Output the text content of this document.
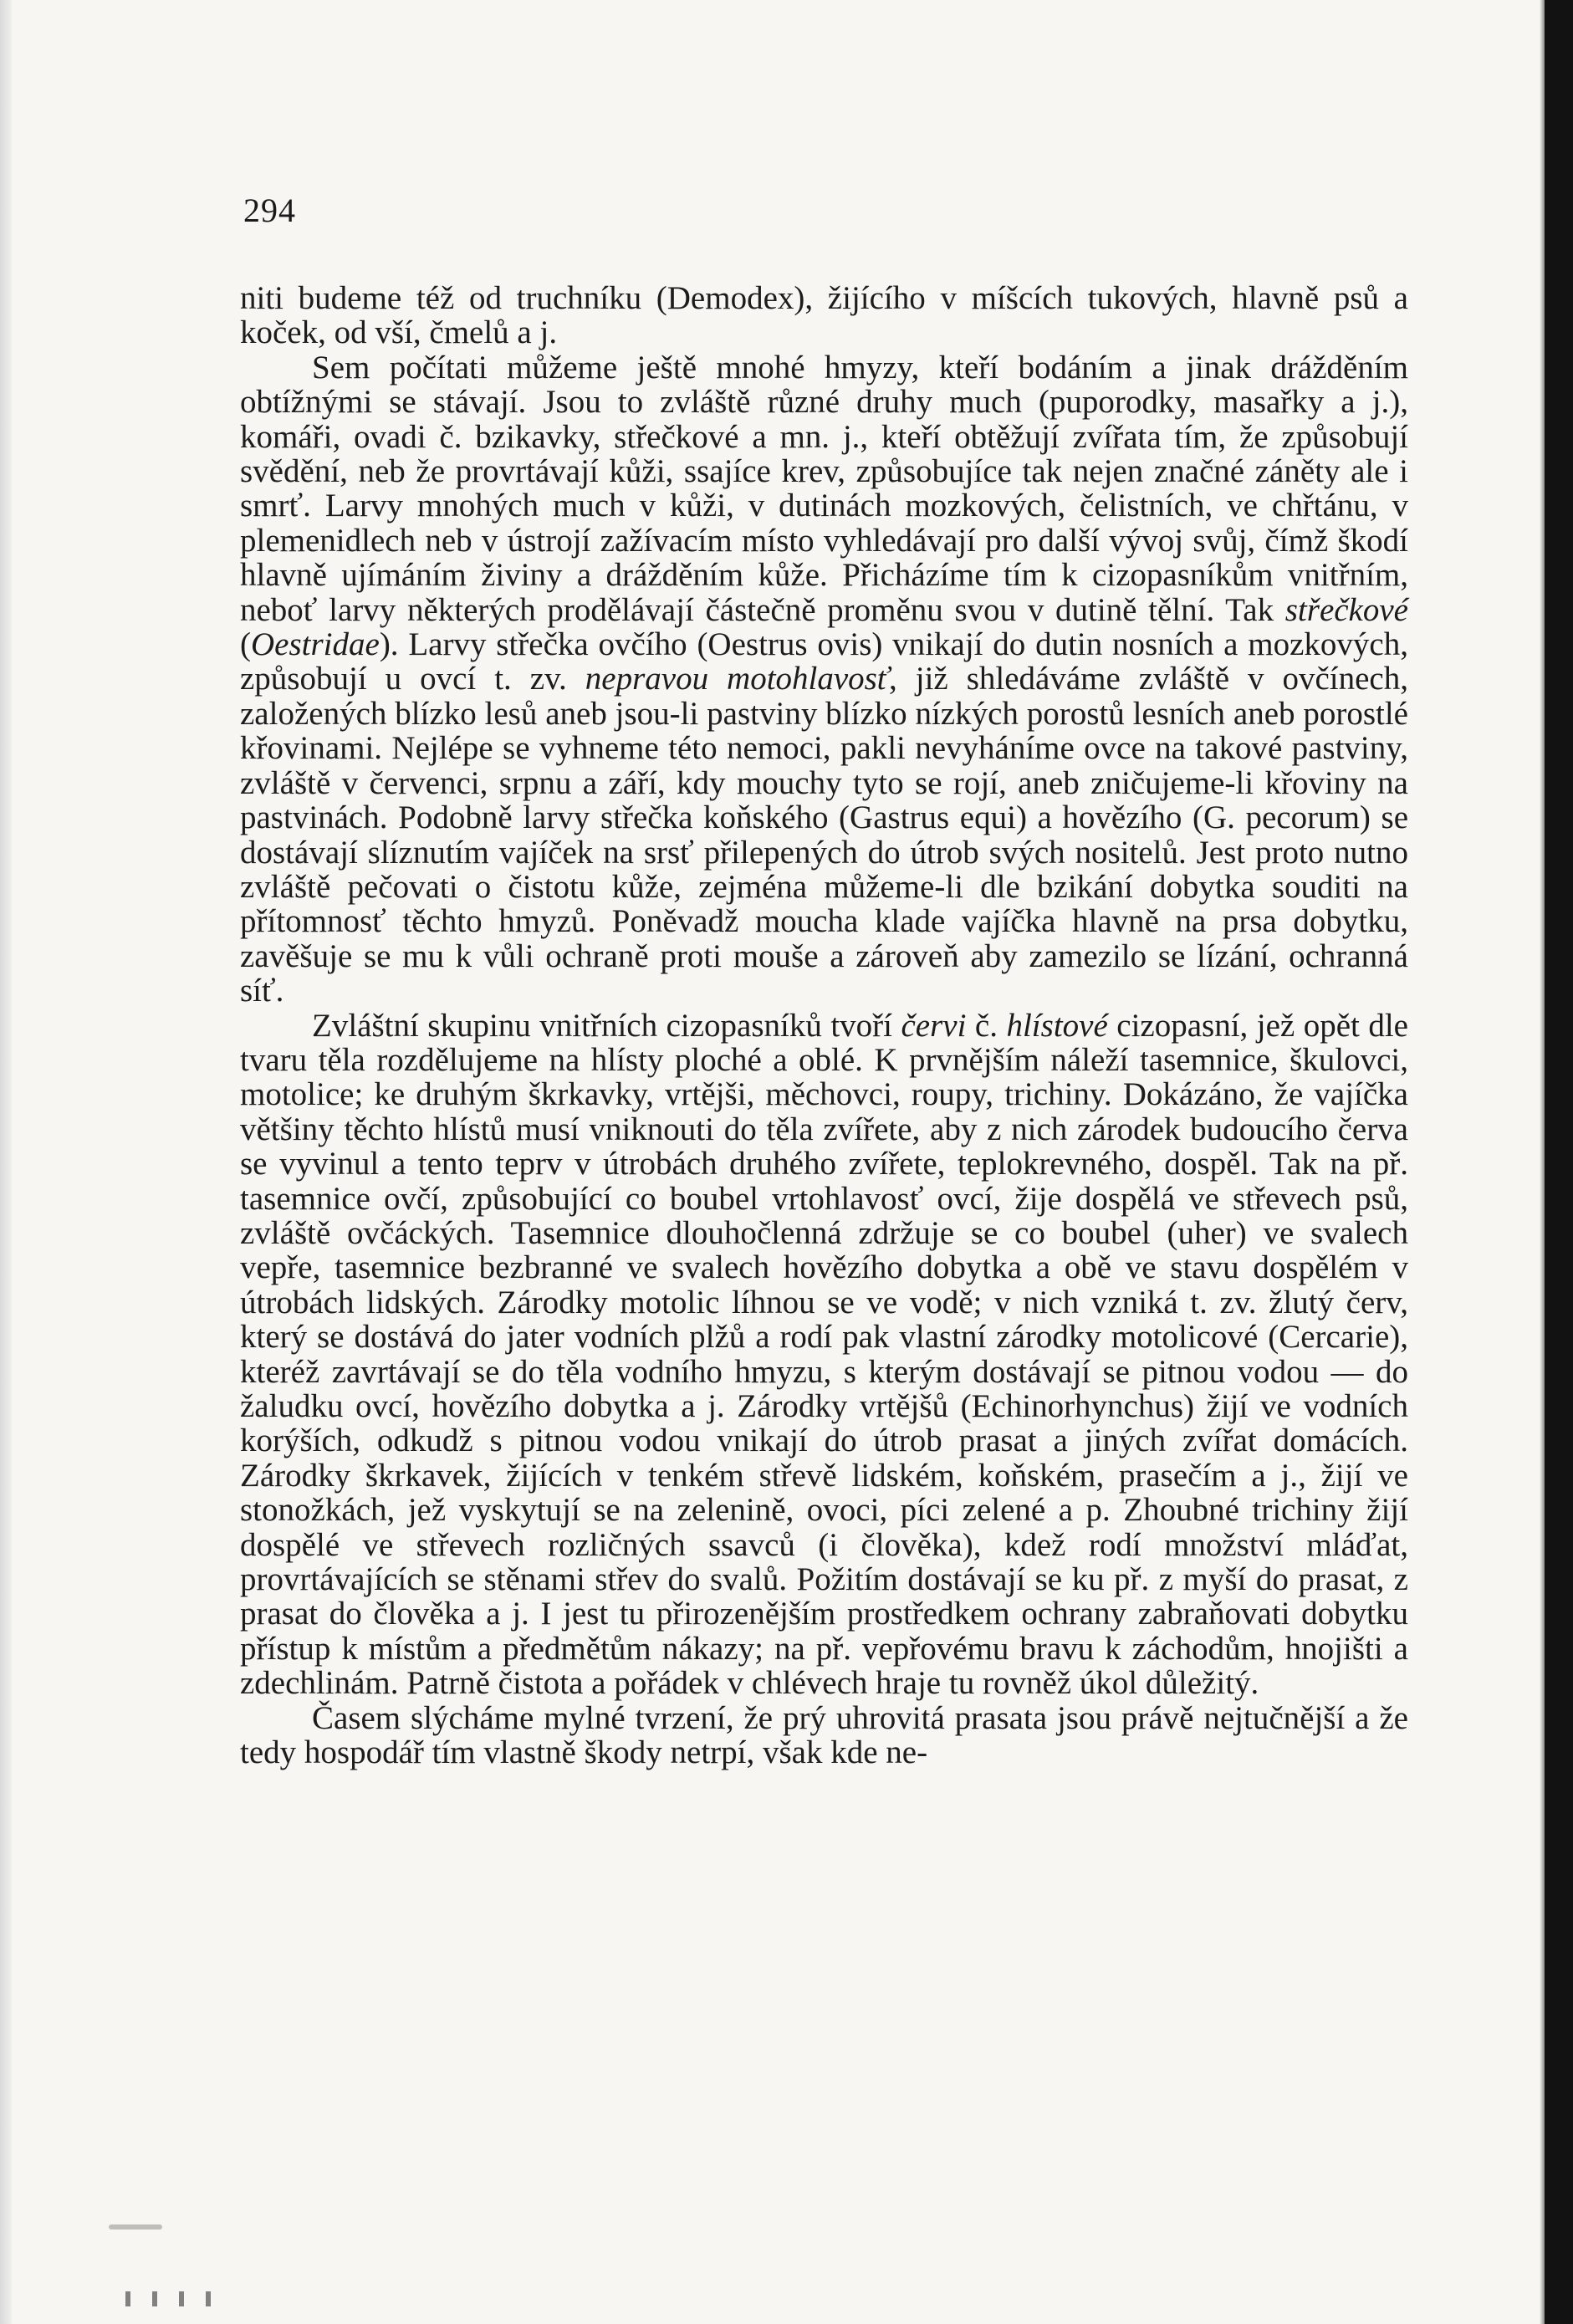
294

niti budeme též od truchníku (Demodex), žijícího v míšcích tukových, hlavně psů a koček, od vší, čmelů a j.

Sem počítati můžeme ještě mnohé hmyzy, kteří bodáním a jinak drážděním obtížnými se stávají. Jsou to zvláště různé druhy much (puporodky, masařky a j.), komáři, ovadi č. bzikavky, střečkové a mn. j., kteří obtěžují zvířata tím, že způsobují svědění, neb že provrtávají kůži, ssajíce krev, způsobujíce tak nejen značné záněty ale i smrť. Larvy mnohých much v kůži, v dutinách mozkových, čelistních, ve chřtánu, v plemenidlech neb v ústrojí zažívacím místo vyhledávají pro další vývoj svůj, čímž škodí hlavně ujímáním živiny a drážděním kůže. Přicházíme tím k cizopasníkům vnitřním, neboť larvy některých prodělávají částečně proměnu svou v dutině tělní. Tak střečkové (Oestridae). Larvy střečka ovčího (Oestrus ovis) vnikají do dutin nosních a mozkových, způsobují u ovcí t. zv. nepravou motohlavosť, již shledáváme zvláště v ovčínech, založených blízko lesů aneb jsou-li pastviny blízko nízkých porostů lesních aneb porostlé křovinami. Nejlépe se vyhneme této nemoci, pakli nevyháníme ovce na takové pastviny, zvláště v červenci, srpnu a září, kdy mouchy tyto se rojí, aneb zničujeme-li křoviny na pastvinách. Podobně larvy střečka koňského (Gastrus equi) a hovězího (G. pecorum) se dostávají slíznutím vajíček na srsť přilepených do útrob svých nositelů. Jest proto nutno zvláště pečovati o čistotu kůže, zejména můžeme-li dle bzikání dobytka souditi na přítomnosť těchto hmyzů. Poněvadž moucha klade vajíčka hlavně na prsa dobytku, zavěšuje se mu k vůli ochraně proti mouše a zároveň aby zamezilo se lízání, ochranná síť.

Zvláštní skupinu vnitřních cizopasníků tvoří červi č. hlístové cizopasní, jež opět dle tvaru těla rozdělujeme na hlísty ploché a oblé. K prvnějším náleží tasemnice, škulovci, motolice; ke druhým škrkavky, vrtějši, měchovci, roupy, trichiny. Dokázáno, že vajíčka většiny těchto hlístů musí vniknouti do těla zvířete, aby z nich zárodek budoucího červa se vyvinul a tento teprv v útrobách druhého zvířete, teplokrevného, dospěl. Tak na př. tasemnice ovčí, způsobující co boubel vrtohlavosť ovcí, žije dospělá ve střevech psů, zvláště ovčáckých. Tasemnice dlouhočlenná zdržuje se co boubel (uher) ve svalech vepře, tasemnice bezbranné ve svalech hovězího dobytka a obě ve stavu dospělém v útrobách lidských. Zárodky motolic líhnou se ve vodě; v nich vzniká t. zv. žlutý červ, který se dostává do jater vodních plžů a rodí pak vlastní zárodky motolicové (Cercarie), kteréž zavrtávají se do těla vodního hmyzu, s kterým dostávají se pitnou vodou — do žaludku ovcí, hovězího dobytka a j. Zárodky vrtějšů (Echinorhynchus) žijí ve vodních korýších, odkudž s pitnou vodou vnikají do útrob prasat a jiných zvířat domácích. Zárodky škrkavek, žijících v tenkém střevě lidském, koňském, prasečím a j., žijí ve stonožkách, jež vyskytují se na zelenině, ovoci, píci zelené a p. Zhoubné trichiny žijí dospělé ve střevech rozličných ssavců (i člověka), kdež rodí množství mláďat, provrtávajících se stěnami střev do svalů. Požitím dostávají se ku př. z myší do prasat, z prasat do člověka a j. I jest tu přirozenějším prostředkem ochrany zabraňovati dobytku přístup k místům a předmětům nákazy; na př. vepřovému bravu k záchodům, hnojišti a zdechlinám. Patrně čistota a pořádek v chlévech hraje tu rovněž úkol důležitý.

Časem slýcháme mylné tvrzení, že prý uhrovitá prasata jsou právě nejtučnější a že tedy hospodář tím vlastně škody netrpí, však kde ne-
